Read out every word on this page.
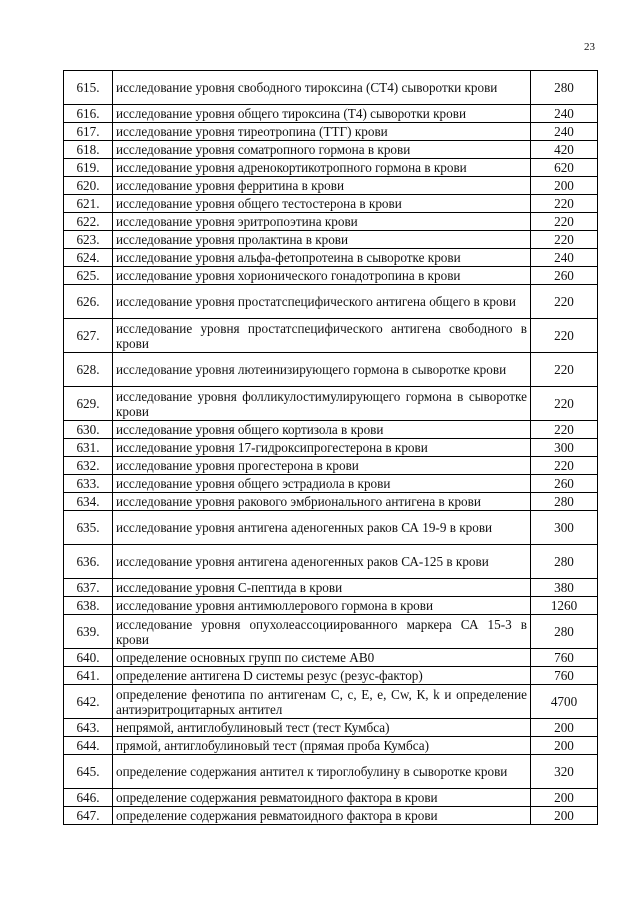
23
615.	исследование уровня свободного тироксина (СТ4) сыворотки крови	280
616.	исследование уровня общего тироксина (Т4) сыворотки крови	240
617.	исследование уровня тиреотропина (ТТГ) крови	240
618.	исследование уровня соматропного гормона в крови	420
619.	исследование уровня адренокортикотропного гормона в крови	620
620.	исследование уровня ферритина в крови	200
621.	исследование уровня общего тестостерона в крови	220
622.	исследование уровня эритропоэтина крови	220
623.	исследование уровня пролактина в крови	220
624.	исследование уровня альфа-фетопротеина в сыворотке крови	240
625.	исследование уровня хорионического гонадотропина в крови	260
626.	исследование уровня простатспецифического антигена общего в крови	220
627.	исследование уровня простатспецифического антигена свободного в крови	220
628.	исследование уровня лютеинизирующего гормона в сыворотке крови	220
629.	исследование уровня фолликулостимулирующего гормона в сыворотке крови	220
630.	исследование уровня общего кортизола в крови	220
631.	исследование уровня 17-гидроксипрогестерона в крови	300
632.	исследование уровня прогестерона в крови	220
633.	исследование уровня общего эстрадиола в крови	260
634.	исследование уровня ракового эмбрионального антигена в крови	280
635.	исследование уровня антигена аденогенных раков СА 19-9 в крови	300
636.	исследование уровня антигена аденогенных раков СА-125 в крови	280
637.	исследование уровня С-пептида в крови	380
638.	исследование уровня антимюллерового гормона в крови	1260
639.	исследование уровня опухолеассоциированного маркера СА 15-3 в крови	280
640.	определение основных групп по системе АВ0	760
641.	определение антигена D системы резус (резус-фактор)	760
642.	определение фенотипа по антигенам С, с, Е, е, Cw, К, k и определение антиэритроцитарных антител	4700
643.	непрямой, антиглобулиновый тест (тест Кумбса)	200
644.	прямой, антиглобулиновый тест (прямая проба Кумбса)	200
645.	определение содержания антител к тироглобулину в сыворотке крови	320
646.	определение содержания ревматоидного фактора в крови	200
647.	определение содержания ревматоидного фактора в крови	200
